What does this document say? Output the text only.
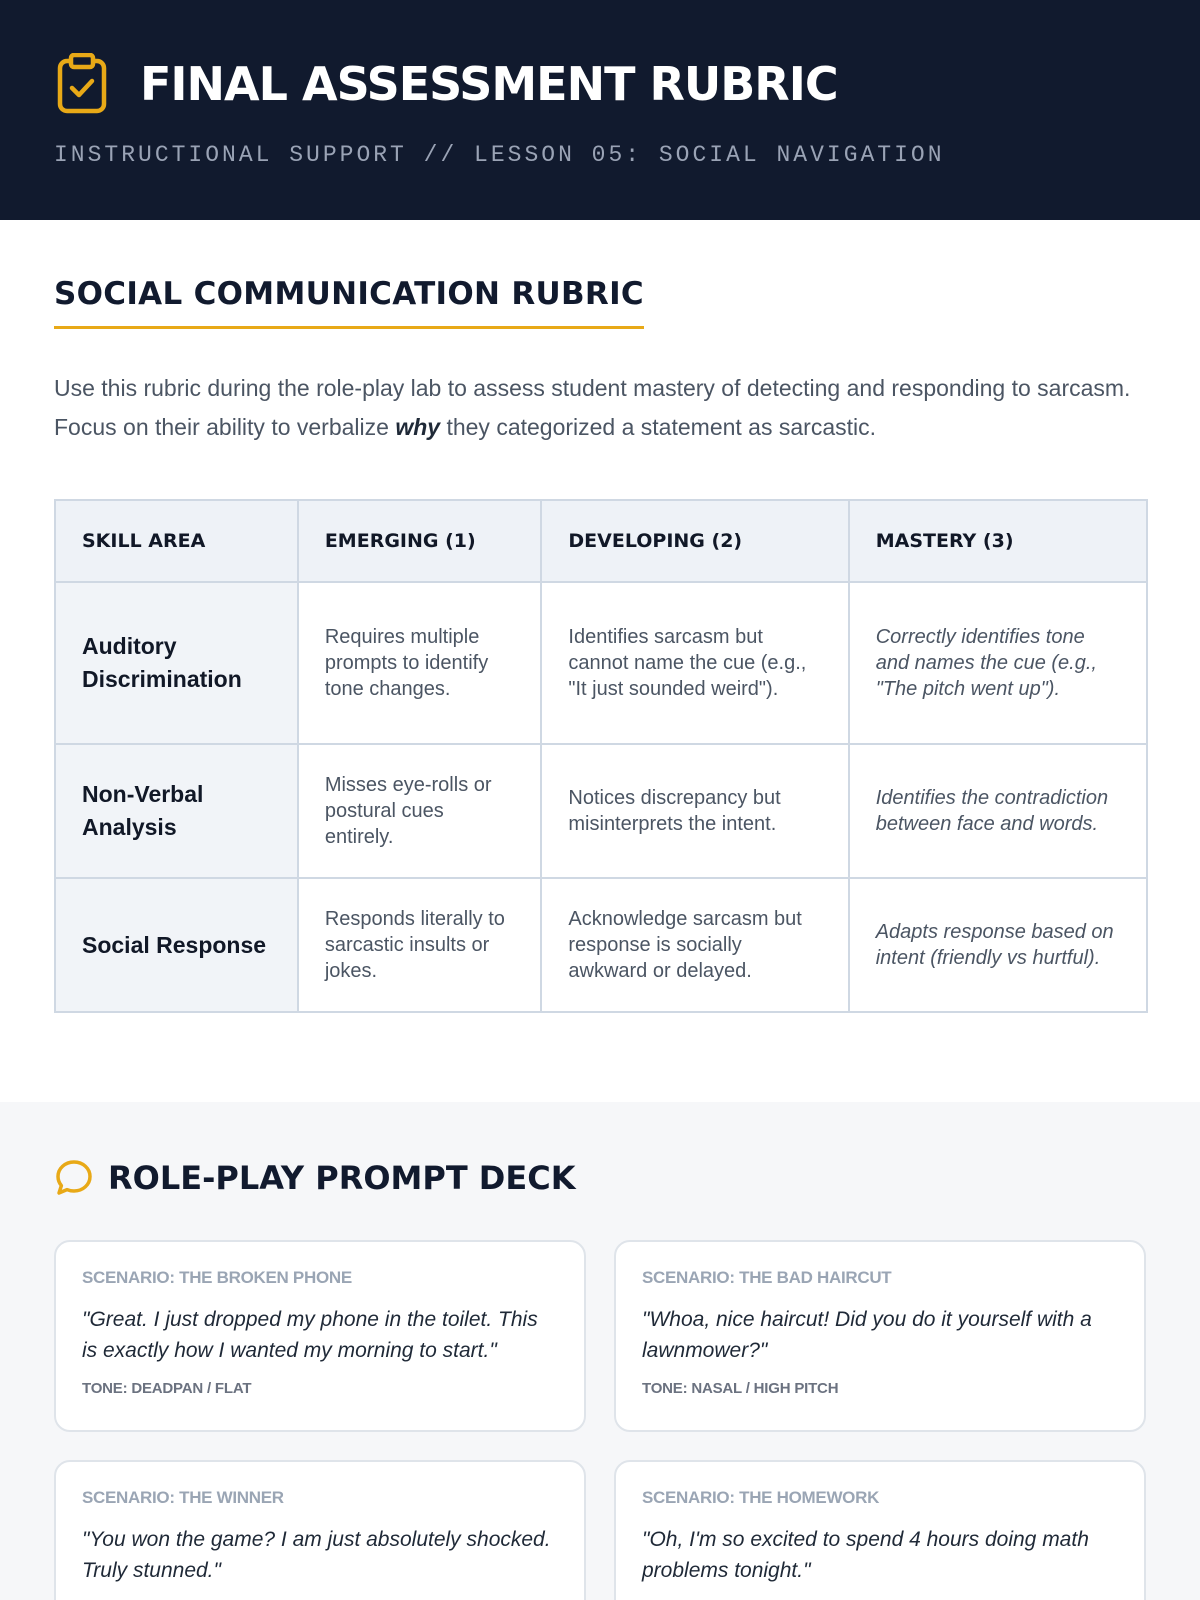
FINAL ASSESSMENT RUBRIC
INSTRUCTIONAL SUPPORT // LESSON 05: SOCIAL NAVIGATION
SOCIAL COMMUNICATION RUBRIC

Use this rubric during the role-play lab to assess student mastery of detecting and responding to sarcasm. Focus on their ability to verbalize why they categorized a statement as sarcastic.

SKILL AREA	EMERGING (1)	DEVELOPING (2)	MASTERY (3)
Auditory Discrimination	Requires multiple prompts to identify tone changes.	Identifies sarcasm but cannot name the cue (e.g., "It just sounded weird").	Correctly identifies tone and names the cue (e.g., "The pitch went up").
Non-Verbal Analysis	Misses eye-rolls or postural cues entirely.	Notices discrepancy but misinterprets the intent.	Identifies the contradiction between face and words.
Social Response	Responds literally to sarcastic insults or jokes.	Acknowledge sarcasm but response is socially awkward or delayed.	Adapts response based on intent (friendly vs hurtful).
ROLE-PLAY PROMPT DECK
SCENARIO: THE BROKEN PHONE
"Great. I just dropped my phone in the toilet. This is exactly how I wanted my morning to start."
TONE: DEADPAN / FLAT
SCENARIO: THE BAD HAIRCUT
"Whoa, nice haircut! Did you do it yourself with a lawnmower?"
TONE: NASAL / HIGH PITCH
SCENARIO: THE WINNER
"You won the game? I am just absolutely shocked. Truly stunned."
SCENARIO: THE HOMEWORK
"Oh, I'm so excited to spend 4 hours doing math problems tonight."
